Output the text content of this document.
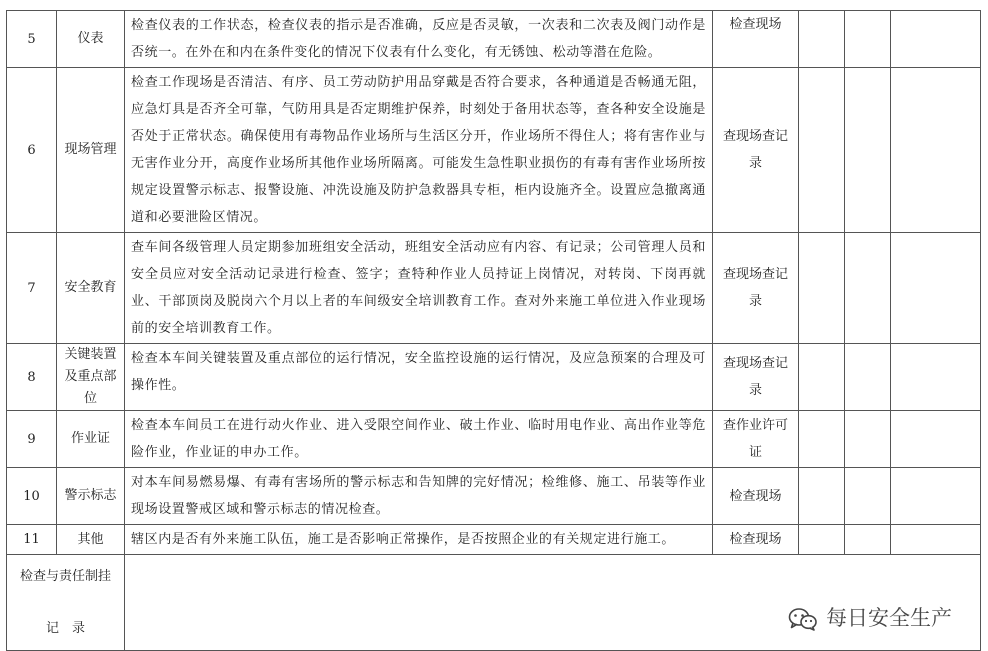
5	仪表	检查仪表的工作状态，检查仪表的指示是否准确，反应是否灵敏，一次表和二次表及阀门动作是否统一。在外在和内在条件变化的情况下仪表有什么变化，有无锈蚀、松动等潜在危险。	检查现场			
6	现场管理	检查工作现场是否清洁、有序、员工劳动防护用品穿戴是否符合要求，各种通道是否畅通无阻，应急灯具是否齐全可靠，气防用具是否定期维护保养，时刻处于备用状态等，查各种安全设施是否处于正常状态。确保使用有毒物品作业场所与生活区分开，作业场所不得住人；将有害作业与无害作业分开，高度作业场所其他作业场所隔离。可能发生急性职业损伤的有毒有害作业场所按规定设置警示标志、报警设施、冲洗设施及防护急救器具专柜，柜内设施齐全。设置应急撤离通道和必要泄险区情况。	查现场查记录			
7	安全教育	查车间各级管理人员定期参加班组安全活动，班组安全活动应有内容、有记录；公司管理人员和安全员应对安全活动记录进行检查、签字；查特种作业人员持证上岗情况，对转岗、下岗再就业、干部顶岗及脱岗六个月以上者的车间级安全培训教育工作。查对外来施工单位进入作业现场前的安全培训教育工作。	查现场查记录			
8	关键装置及重点部位	检查本车间关键装置及重点部位的运行情况，安全监控设施的运行情况，及应急预案的合理及可操作性。	查现场查记录			
9	作业证	检查本车间员工在进行动火作业、进入受限空间作业、破土作业、临时用电作业、高出作业等危险作业，作业证的申办工作。	查作业许可证			
10	警示标志	对本车间易燃易爆、有毒有害场所的警示标志和告知牌的完好情况；检维修、施工、吊装等作业现场设置警戒区域和警示标志的情况检查。	检查现场			
11	其他	辖区内是否有外来施工队伍，施工是否影响正常操作，是否按照企业的有关规定进行施工。	检查现场			

检查与责任制挂
记　录		每日安全生产				
